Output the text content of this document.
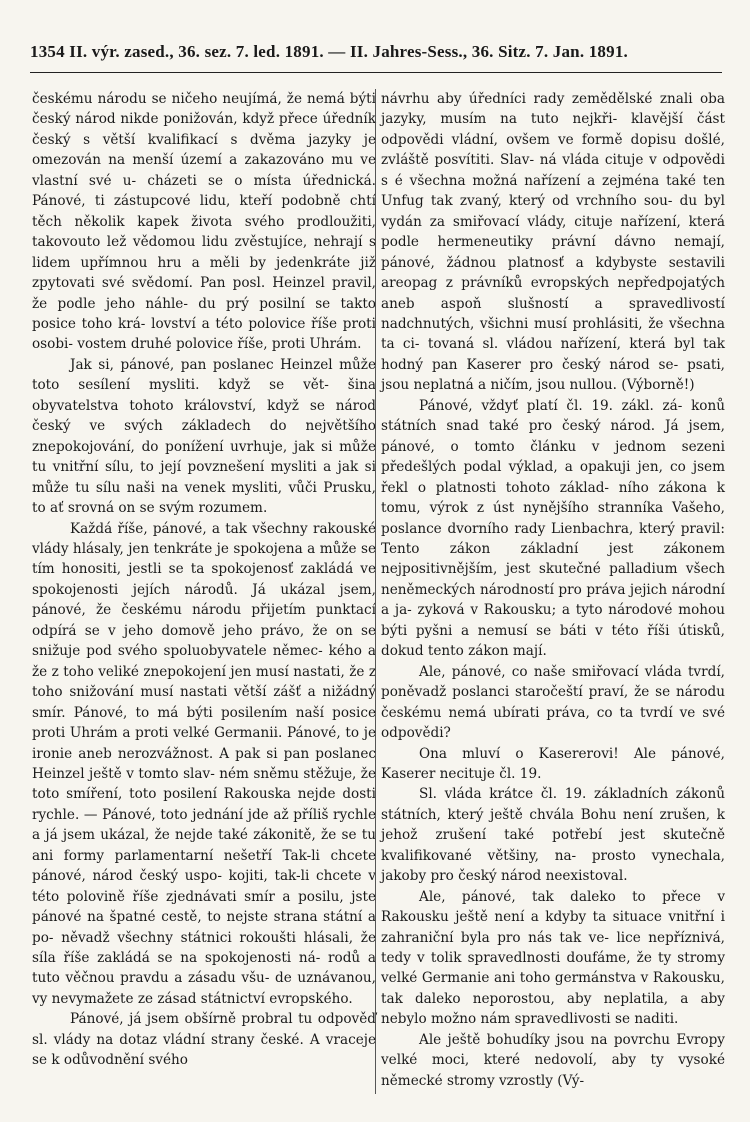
1354 II. výr. zased., 36. sez. 7. led. 1891. — II. Jahres-Sess., 36. Sitz. 7. Jan. 1891.

českému národu se ničeho neujímá, že nemá býti český národ nikde ponižován, když přece úředník český s větší kvalifikací s dvěma jazyky je omezován na menší území a zakazováno mu ve vlastní své u- cházeti se o místa úřednická. Pánové, ti zástupcové lidu, kteří podobně chtí těch několik kapek života svého prodloužiti, takovouto lež vědomou lidu zvěstujíce, nehrají s lidem upřímnou hru a měli by jedenkráte již zpytovati své svědomí. Pan posl. Heinzel pravil, že podle jeho náhle- du prý posilní se takto posice toho krá- lovství a této polovice říše proti osobi- vostem druhé polovice říše, proti Uhrám.

Jak si, pánové, pan poslanec Heinzel může toto sesílení mysliti. když se vět- šina obyvatelstva tohoto království, když se národ český ve svých základech do největšího znepokojování, do ponížení uvrhuje, jak si může tu vnitřní sílu, to její povznešení mysliti a jak si může tu sílu naši na venek mysliti, vůči Prusku, to ať srovná on se svým rozumem.

Každá říše, pánové, a tak všechny rakouské vlády hlásaly, jen tenkráte je spokojena a může se tím honositi, jestli se ta spokojenosť zakládá ve spokojenosti jejích národů. Já ukázal jsem, pánové, že českému národu přijetím punktací odpírá se v jeho domově jeho právo, že on se snižuje pod svého spoluobyvatele němec- kého a že z toho veliké znepokojení jen musí nastati, že z toho snižování musí nastati větší zášť a nižádný smír. Pánové, to má býti posilením naší posice proti Uhrám a proti velké Germanii. Pánové, to je ironie aneb nerozvážnost. A pak si pan poslanec Heinzel ještě v tomto slav- ném sněmu stěžuje, že toto smíření, toto posilení Rakouska nejde dosti rychle. — Pánové, toto jednání jde až příliš rychle a já jsem ukázal, že nejde také zákonitě, že se tu ani formy parlamentarní nešetří Tak-li chcete pánové, národ český uspo- kojiti, tak-li chcete v této polovině říše zjednávati smír a posilu, jste pánové na špatné cestě, to nejste strana státní a po- něvadž všechny státnici rokoušti hlásali, že síla říše zakládá se na spokojenosti ná- rodů a tuto věčnou pravdu a zásadu všu- de uznávanou, vy nevymažete ze zásad státnictví evropského.

Pánové, já jsem obšírně probral tu odpověď sl. vlády na dotaz vládní strany české. A vraceje se k odůvodnění svého

návrhu aby úředníci rady zemědělské znali oba jazyky, musím na tuto nejkři- klavější část odpovědi vládní, ovšem ve formě dopisu došlé, zvláště posvítiti. Slav- ná vláda cituje v odpovědi s é všechna možná nařízení a zejména také ten Unfug tak zvaný, který od vrchního sou- du byl vydán za smiřovací vlády, cituje nařízení, která podle hermeneutiky právní dávno nemají, pánové, žádnou platnosť a kdybyste sestavili areopag z právníků evropských nepředpojatých aneb aspoň slušností a spravedlivostí nadchnutých, všichni musí prohlásiti, že všechna ta ci- tovaná sl. vládou nařízení, která byl tak hodný pan Kaserer pro český národ se- psati, jsou neplatná a ničím, jsou nullou. (Výborně!)

Pánové, vždyť platí čl. 19. zákl. zá- konů státních snad také pro český národ. Já jsem, pánové, o tomto článku v jednom sezeni předešlých podal výklad, a opakuji jen, co jsem řekl o platnosti tohoto základ- ního zákona k tomu, výrok z úst nynějšího stranníka Vašeho, poslance dvorního rady Lienbachra, který pravil: Tento zákon základní jest zákonem nejpositivnějším, jest skutečné palladium všech neněmeckých národností pro práva jejich národní a ja- zyková v Rakousku; a tyto národové mohou býti pyšni a nemusí se báti v této říši útisků, dokud tento zákon mají.

Ale, pánové, co naše smiřovací vláda tvrdí, poněvadž poslanci staročeští praví, že se národu českému nemá ubírati práva, co ta tvrdí ve své odpovědi?

Ona mluví o Kasererovi! Ale pánové, Kaserer necituje čl. 19.

Sl. vláda krátce čl. 19. základních zákonů státních, který ještě chvála Bohu není zrušen, k jehož zrušení také potřebí jest skutečně kvalifikované většiny, na- prosto vynechala, jakoby pro český národ neexistoval.

Ale, pánové, tak daleko to přece v Rakousku ještě není a kdyby ta situace vnitřní i zahraniční byla pro nás tak ve- lice nepříznivá, tedy v tolik spravedlnosti doufáme, že ty stromy velké Germanie ani toho germánstva v Rakousku, tak daleko neporostou, aby neplatila, a aby nebylo možno nám spravedlivosti se naditi.

Ale ještě bohudíky jsou na povrchu Evropy velké moci, které nedovolí, aby ty vysoké německé stromy vzrostly (Vý-
